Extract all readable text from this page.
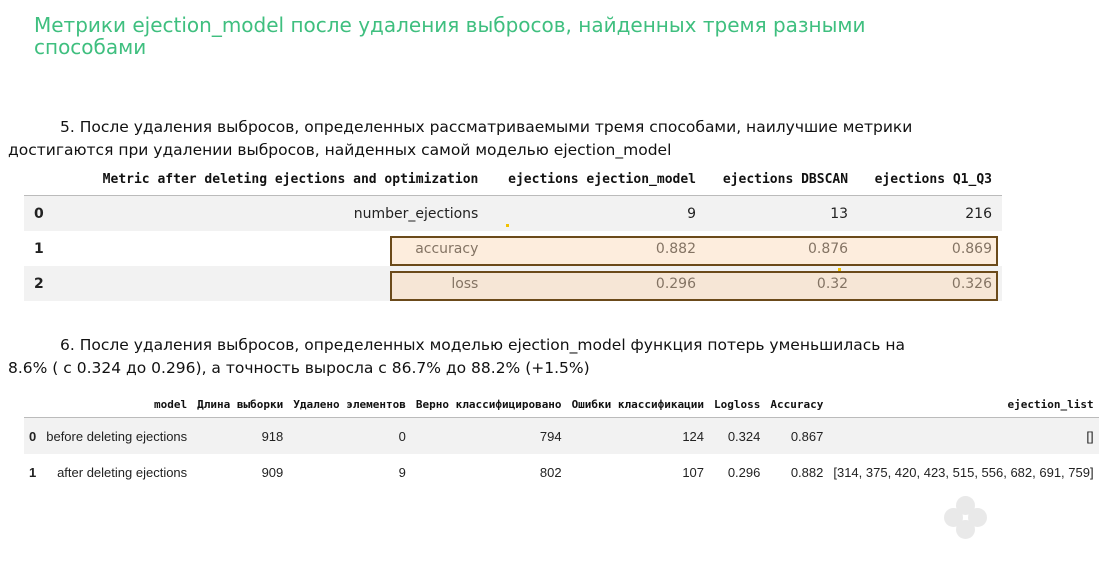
Метрики ejection_model после удаления выбросов, найденных тремя разными способами
5. После удаления выбросов, определенных рассматриваемыми тремя способами, наилучшие метрики
достигаются при удалении выбросов, найденных самой моделью ejection_model
	Metric after deleting ejections and optimization	ejections ejection_model	ejections DBSCAN	ejections Q1_Q3
0	number_ejections	9	13	216
1	accuracy	0.882	0.876	0.869
2	loss	0.296	0.32	0.326
6. После удаления выбросов, определенных моделью ejection_model функция потерь уменьшилась на
8.6% ( с 0.324 до 0.296), а точность выросла с 86.7% до 88.2% (+1.5%)
	model	Длина выборки	Удалено элементов	Верно классифицировано	Ошибки классификации	Logloss	Accuracy	ejection_list
0	before deleting ejections	918	0	794	124	0.324	0.867	[]
1	after deleting ejections	909	9	802	107	0.296	0.882	[314, 375, 420, 423, 515, 556, 682, 691, 759]
